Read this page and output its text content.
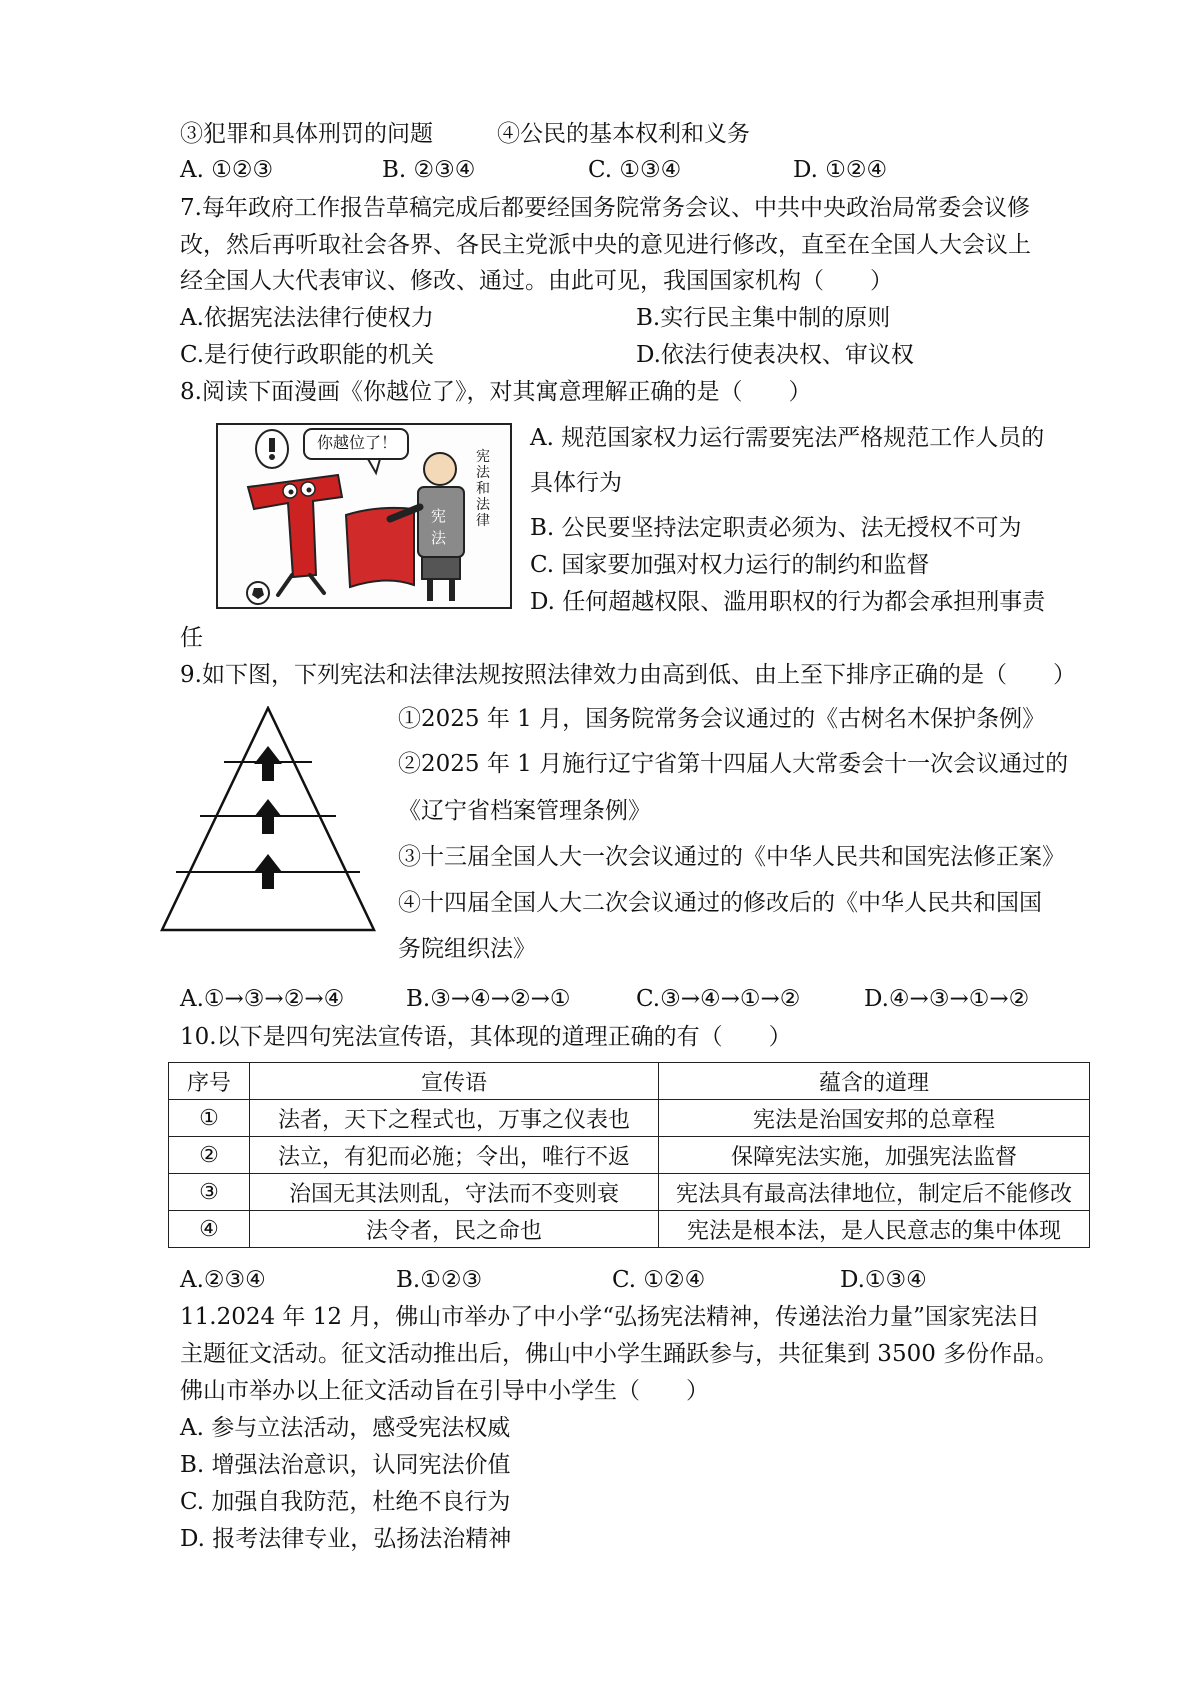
③犯罪和具体刑罚的问题	④公民的基本权利和义务
A. ①②③	B. ②③④	C. ①③④	D. ①②④
7.每年政府工作报告草稿完成后都要经国务院常务会议、中共中央政治局常委会议修
改，然后再听取社会各界、各民主党派中央的意见进行修改，直至在全国人大会议上
经全国人大代表审议、修改、通过。由此可见，我国国家机构（　　）
A.依据宪法法律行使权力	B.实行民主集中制的原则
C.是行使行政职能的机关	D.依法行使表决权、审议权
8.阅读下面漫画《你越位了》，对其寓意理解正确的是（　　）
宪
法
你越位了！
宪法和法律
A. 规范国家权力运行需要宪法严格规范工作人员的
具体行为
B. 公民要坚持法定职责必须为、法无授权不可为
C. 国家要加强对权力运行的制约和监督
D. 任何超越权限、滥用职权的行为都会承担刑事责
任
9.如下图，下列宪法和法律法规按照法律效力由高到低、由上至下排序正确的是（　　）
①2025 年 1 月，国务院常务会议通过的《古树名木保护条例》
②2025 年 1 月施行辽宁省第十四届人大常委会十一次会议通过的
《辽宁省档案管理条例》
③十三届全国人大一次会议通过的《中华人民共和国宪法修正案》
④十四届全国人大二次会议通过的修改后的《中华人民共和国国
务院组织法》
A.①→③→②→④	B.③→④→②→①	C.③→④→①→②	D.④→③→①→②
10.以下是四句宪法宣传语，其体现的道理正确的有（　　）
序号	宣传语	蕴含的道理
①	法者，天下之程式也，万事之仪表也	宪法是治国安邦的总章程
②	法立，有犯而必施；令出，唯行不返	保障宪法实施，加强宪法监督
③	治国无其法则乱，守法而不变则衰	宪法具有最高法律地位，制定后不能修改
④	法令者，民之命也	宪法是根本法，是人民意志的集中体现
A.②③④	B.①②③	C. ①②④	D.①③④
11.2024 年 12 月，佛山市举办了中小学“弘扬宪法精神，传递法治力量”国家宪法日
主题征文活动。征文活动推出后，佛山中小学生踊跃参与，共征集到 3500 多份作品。
佛山市举办以上征文活动旨在引导中小学生（　　）
A. 参与立法活动，感受宪法权威
B. 增强法治意识，认同宪法价值
C. 加强自我防范，杜绝不良行为
D. 报考法律专业，弘扬法治精神
